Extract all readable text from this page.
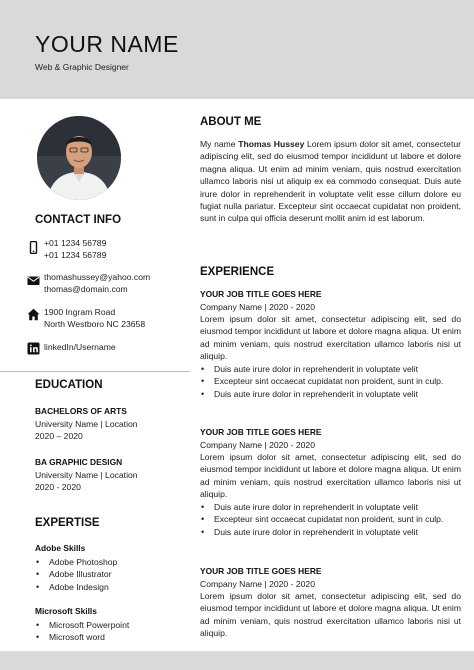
YOUR NAME
Web & Graphic Designer
CONTACT INFO
+01 1234 56789
+01 1234 56789
thomashussey@yahoo.com
thomas@domain.com
1900 Ingram Road
North Westboro NC 23658
linkedIn/Username
EDUCATION
BACHELORS OF ARTS
University Name | Location
2020 – 2020
BA GRAPHIC DESIGN
University Name | Location
2020 - 2020
EXPERTISE
Adobe Skills
• Adobe Photoshop
• Adobe Illustrator
• Adobe Indesign
Microsoft Skills
• Microsoft Powerpoint
• Microsoft word
ABOUT ME
My name Thomas Hussey Lorem ipsum dolor sit amet, consectetur adipiscing elit, sed do eiusmod tempor incididunt ut labore et dolore magna aliqua. Ut enim ad minim veniam, quis nostrud exercitation ullamco laboris nisi ut aliquip ex ea commodo consequat. Duis aute irure dolor in reprehenderit in voluptate velit esse cillum dolore eu fugiat nulla pariatur. Excepteur sint occaecat cupidatat non proident, sunt in culpa qui officia deserunt mollit anim id est laborum.
EXPERIENCE
YOUR JOB TITLE GOES HERE
Company Name | 2020 - 2020
Lorem ipsum dolor sit amet, consectetur adipiscing elit, sed do eiusmod tempor incididunt ut labore et dolore magna aliqua. Ut enim ad minim veniam, quis nostrud exercitation ullamco laboris nisi ut aliquip.
• Duis aute irure dolor in reprehenderit in voluptate velit
• Excepteur sint occaecat cupidatat non proident, sunt in culp.
• Duis aute irure dolor in reprehenderit in voluptate velit
YOUR JOB TITLE GOES HERE
Company Name | 2020 - 2020
Lorem ipsum dolor sit amet, consectetur adipiscing elit, sed do eiusmod tempor incididunt ut labore et dolore magna aliqua. Ut enim ad minim veniam, quis nostrud exercitation ullamco laboris nisi ut aliquip.
• Duis aute irure dolor in reprehenderit in voluptate velit
• Excepteur sint occaecat cupidatat non proident, sunt in culp.
• Duis aute irure dolor in reprehenderit in voluptate velit
YOUR JOB TITLE GOES HERE
Company Name | 2020 - 2020
Lorem ipsum dolor sit amet, consectetur adipiscing elit, sed do eiusmod tempor incididunt ut labore et dolore magna aliqua. Ut enim ad minim veniam, quis nostrud exercitation ullamco laboris nisi ut aliquip.
